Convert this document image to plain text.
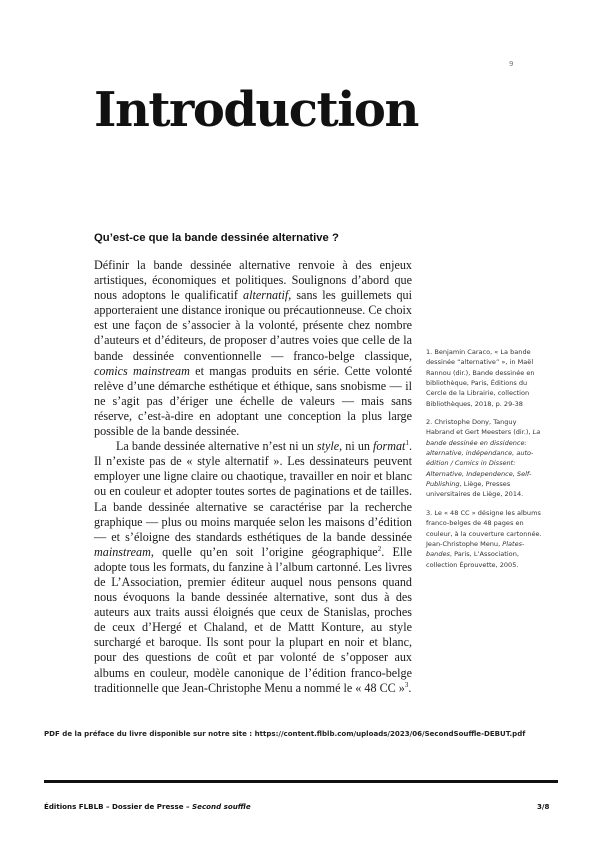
9
Introduction
Qu’est-ce que la bande dessinée alternative ?

Définir la bande dessinée alternative renvoie à des enjeux artistiques, économiques et politiques. Soulignons d’abord que nous adoptons le qualificatif alternatif, sans les guillemets qui apporteraient une distance ironique ou précautionneuse. Ce choix est une façon de s’associer à la volonté, présente chez nombre d’auteurs et d’éditeurs, de proposer d’autres voies que celle de la bande dessinée conventionnelle — franco-belge classique, comics mainstream et mangas produits en série. Cette volonté relève d’une démarche esthétique et éthique, sans snobisme — il ne s’agit pas d’ériger une échelle de valeurs — mais sans réserve, c’est-à-dire en adoptant une conception la plus large possible de la bande dessinée.

La bande dessinée alternative n’est ni un style, ni un format$^1$. Il n’existe pas de « style alternatif ». Les dessinateurs peuvent employer une ligne claire ou chaotique, travailler en noir et blanc ou en couleur et adopter toutes sortes de paginations et de tailles. La bande dessinée alternative se caractérise par la recherche graphique — plus ou moins marquée selon les maisons d’édition — et s’éloigne des standards esthétiques de la bande dessinée mainstream, quelle qu’en soit l’origine géographique$^2$. Elle adopte tous les formats, du fanzine à l’album cartonné. Les livres de L’Association, premier éditeur auquel nous pensons quand nous évoquons la bande dessinée alternative, sont dus à des auteurs aux traits aussi éloignés que ceux de Stanislas, proches de ceux d’Hergé et Chaland, et de Mattt Konture, au style surchargé et baroque. Ils sont pour la plupart en noir et blanc, pour des questions de coût et par volonté de s’opposer aux albums en couleur, modèle canonique de l’édition franco-belge traditionnelle que Jean-Christophe Menu a nommé le « 48 CC »$^3$.

1. Benjamin Caraco, « La bande dessinée “alternative” », in Maël Rannou (dir.), Bande dessinée en bibliothèque, Paris, Éditions du Cercle de la Librairie, collection Bibliothèques, 2018, p. 29-38

2. Christophe Dony, Tanguy Habrand et Gert Meesters (dir.), La bande dessinée en dissidence: alternative, indépendance, auto-édition / Comics in Dissent: Alternative, Independence, Self-Publishing, Liège, Presses universitaires de Liège, 2014.

3. Le « 48 CC » désigne les albums franco-belges de 48 pages en couleur, à la couverture cartonnée. Jean-Christophe Menu, Plates-bandes, Paris, L’Association, collection Éprouvette, 2005.

PDF de la préface du livre disponible sur notre site : https://content.flblb.com/uploads/2023/06/SecondSouffle-DEBUT.pdf

Éditions FLBLB – Dossier de Presse – Second souffle	3/8
